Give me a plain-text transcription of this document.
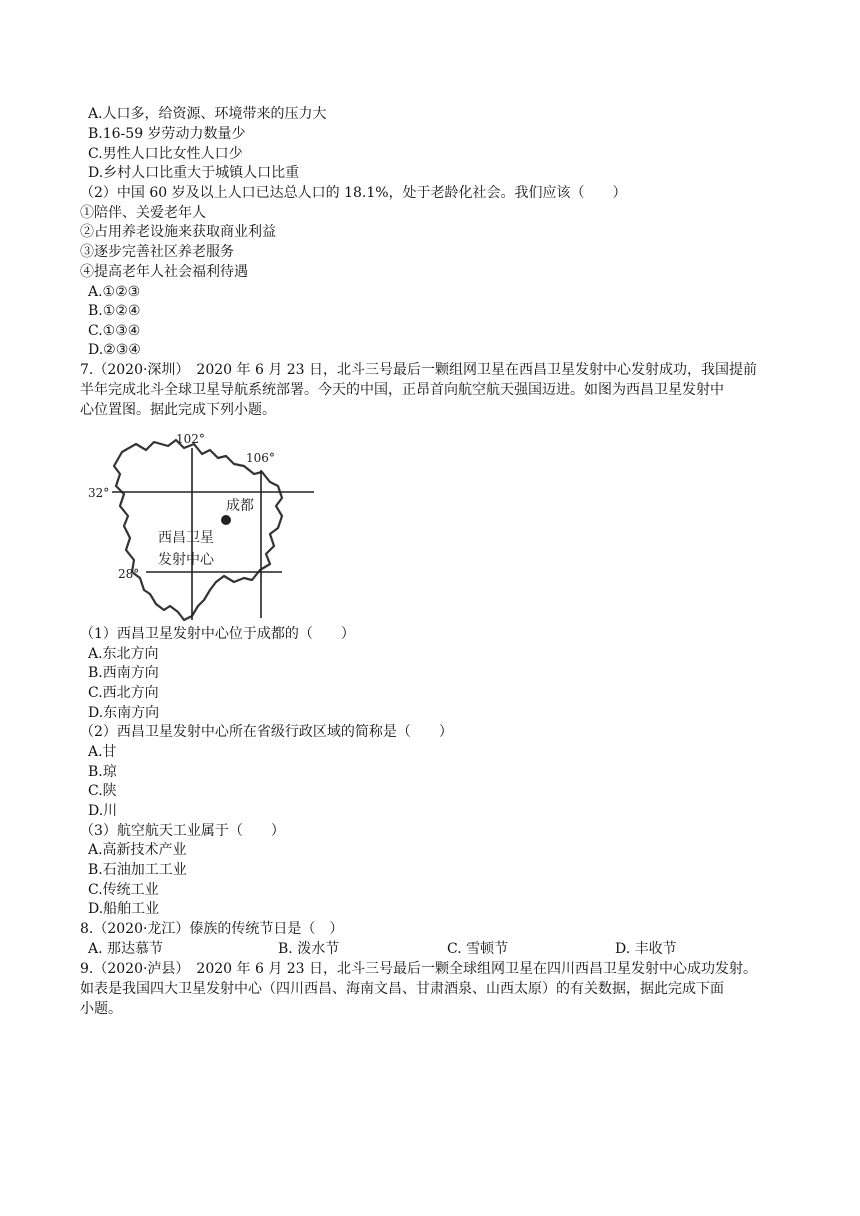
A.人口多，给资源、环境带来的压力大
B.16-59 岁劳动力数量少
C.男性人口比女性人口少
D.乡村人口比重大于城镇人口比重
（2）中国 60 岁及以上人口已达总人口的 18.1%，处于老龄化社会。我们应该（　　）
①陪伴、关爱老年人
②占用养老设施来获取商业利益
③逐步完善社区养老服务
④提高老年人社会福利待遇
A.①②③
B.①②④
C.①③④
D.②③④
7.（2020·深圳）　2020 年 6 月 23 日，北斗三号最后一颗组网卫星在西昌卫星发射中心发射成功，我国提前
半年完成北斗全球卫星导航系统部署。今天的中国，正昂首向航空航天强国迈进。如图为西昌卫星发射中
心位置图。据此完成下列小题。
102°
106°
32°
28°
成都
西昌卫星
发射中心
（1）西昌卫星发射中心位于成都的（　　）
A.东北方向
B.西南方向
C.西北方向
D.东南方向
（2）西昌卫星发射中心所在省级行政区域的简称是（　　）
A.甘
B.琼
C.陕
D.川
（3）航空航天工业属于（　　）
A.高新技术产业
B.石油加工工业
C.传统工业
D.船舶工业
8.（2020·龙江）傣族的传统节日是（　）
A. 那达慕节	B. 泼水节	C. 雪顿节	D. 丰收节
9.（2020·泸县）　2020 年 6 月 23 日，北斗三号最后一颗全球组网卫星在四川西昌卫星发射中心成功发射。
如表是我国四大卫星发射中心（四川西昌、海南文昌、甘肃酒泉、山西太原）的有关数据，据此完成下面
小题。
